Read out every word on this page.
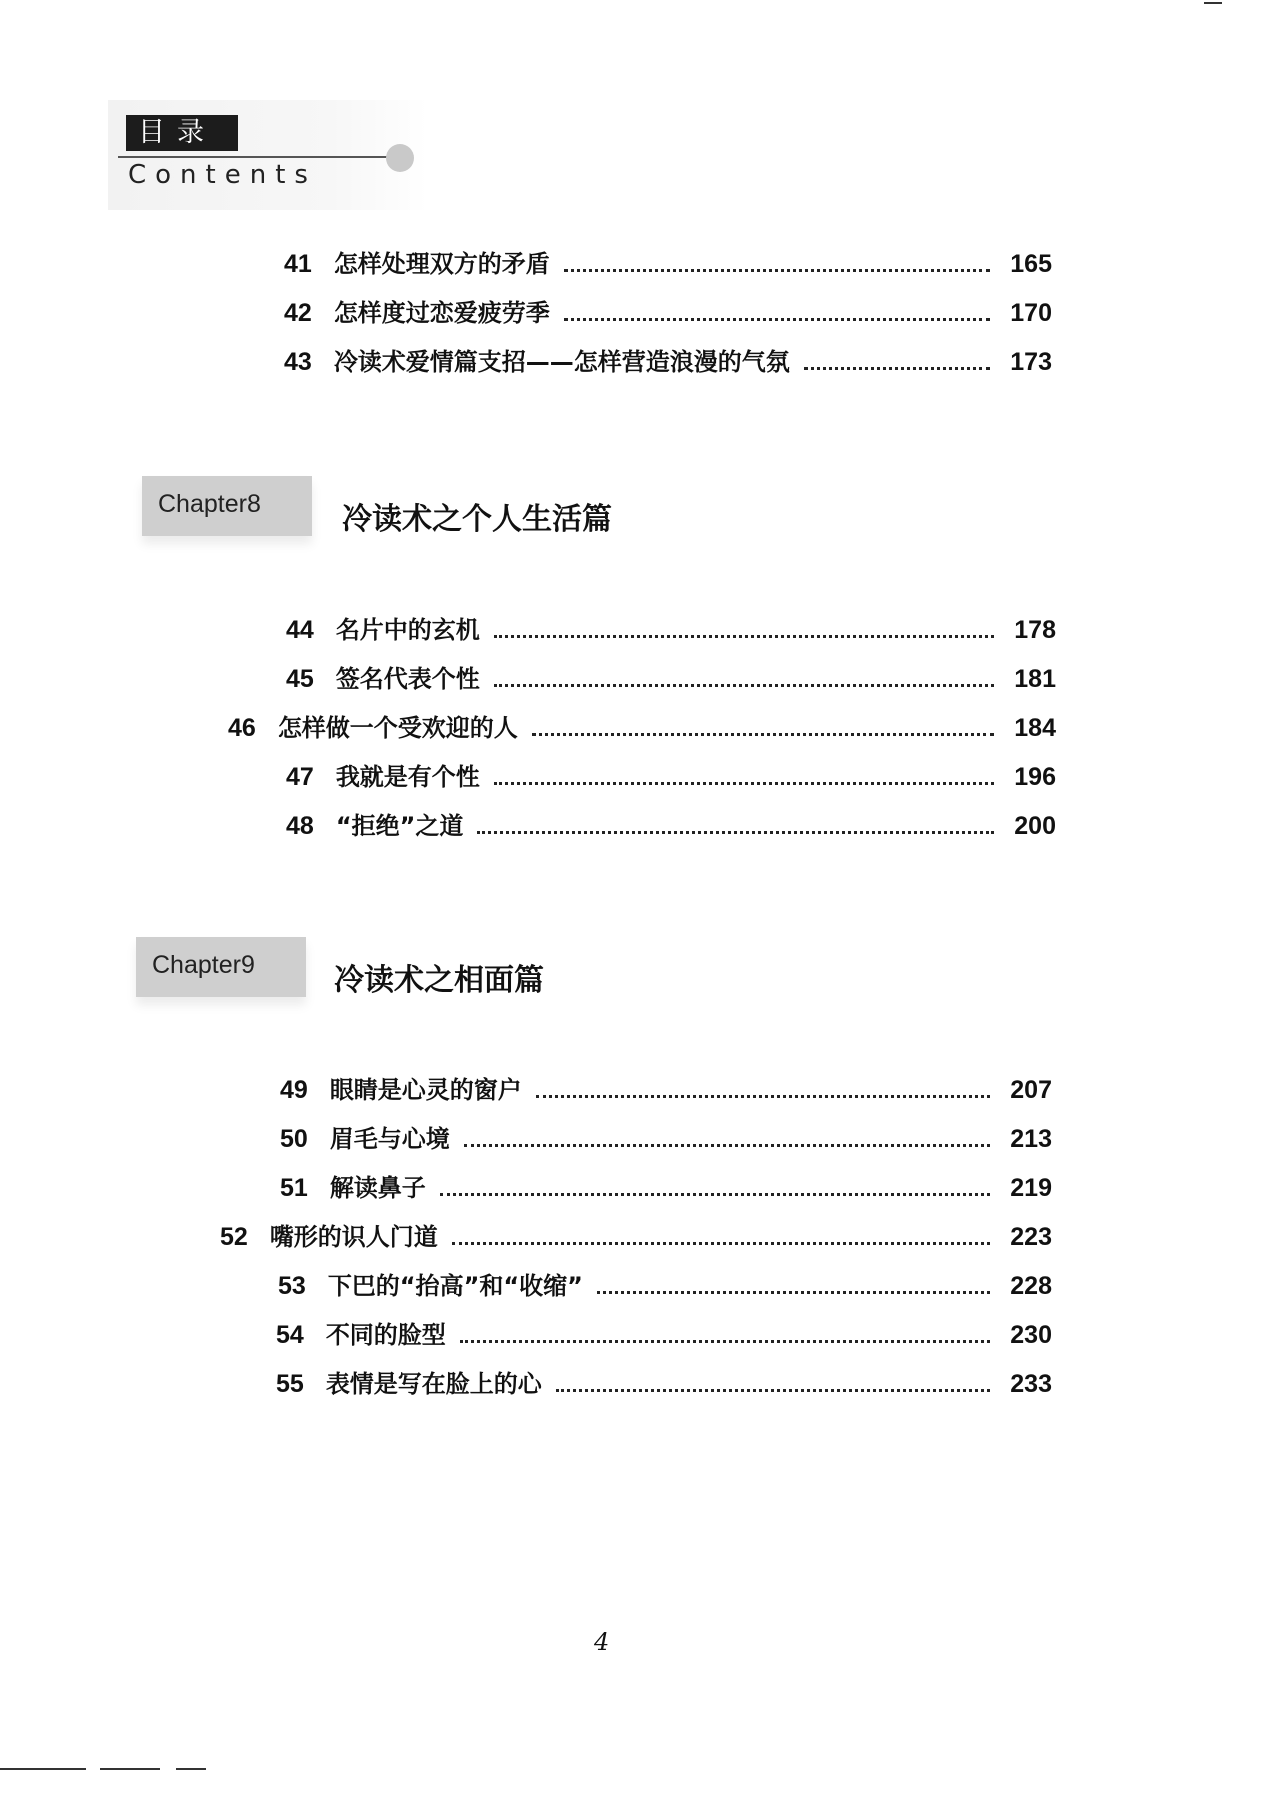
目录
Contents
41 怎样处理双方的矛盾	165
42 怎样度过恋爱疲劳季	170
43 冷读术爱情篇支招——怎样营造浪漫的气氛	173
Chapter8	冷读术之个人生活篇
44 名片中的玄机	178
45 签名代表个性	181
46 怎样做一个受欢迎的人	184
47 我就是有个性	196
48 “拒绝”之道	200
Chapter9	冷读术之相面篇
49 眼睛是心灵的窗户	207
50 眉毛与心境	213
51 解读鼻子	219
52 嘴形的识人门道	223
53 下巴的“抬高”和“收缩”	228
54 不同的脸型	230
55 表情是写在脸上的心	233
4
